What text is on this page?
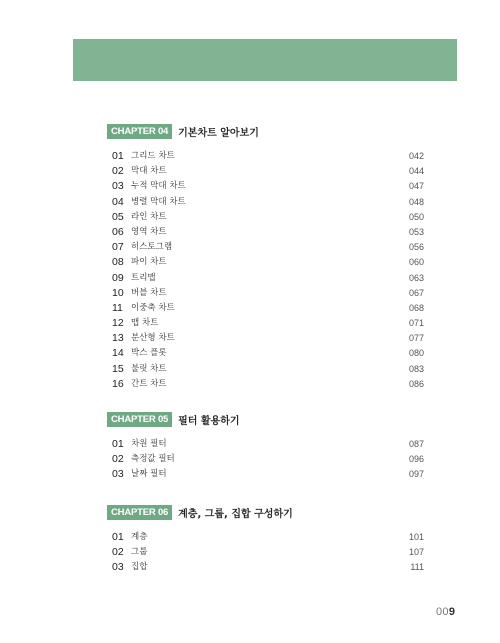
CHAPTER 04	기본차트 알아보기
01 그리드 차트	042
02 막대 차트	044
03 누적 막대 차트	047
04 병렬 막대 차트	048
05 라인 차트	050
06 영역 차트	053
07 히스토그램	056
08 파이 차트	060
09 트리맵	063
10 버블 차트	067
11 이중축 차트	068
12 맵 차트	071
13 분산형 차트	077
14 박스 플롯	080
15 불릿 차트	083
16 간트 차트	086
CHAPTER 05	필터 활용하기
01 차원 필터	087
02 측정값 필터	096
03 날짜 필터	097
CHAPTER 06	계층, 그룹, 집합 구성하기
01 계층	101
02 그룹	107
03 집합	111
009
